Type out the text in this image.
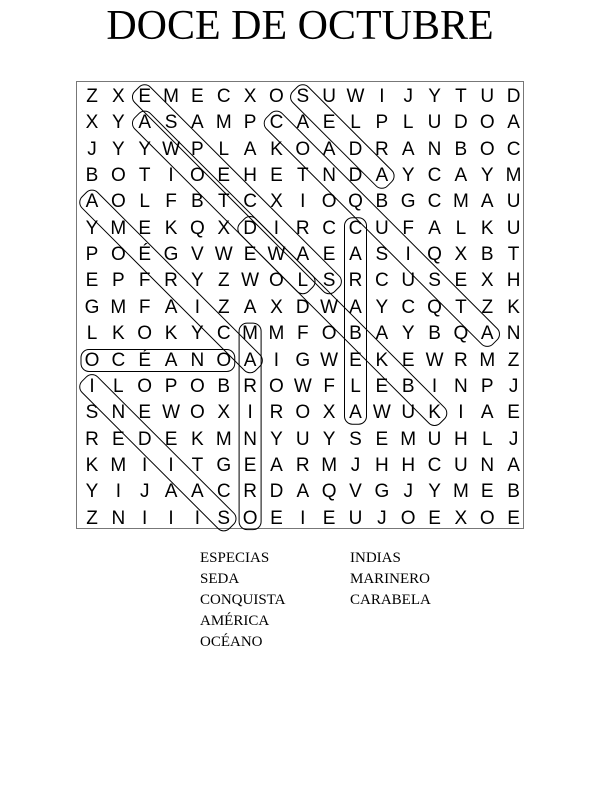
DOCE DE OCTUBRE
Z X E M E C X O S U W I J Y T U D
X Y A S A M P C A E L P L U D O A
J Y Y W P L A K O A D R A N B O C
B O T I O E H E T N D A Y C A Y M
A O L F B T C X I O Q B G C M A U
Y M E K Q X D I R C C U F A L K U
P O É G V W E W A E A S I Q X B T
E P F R Y Z W O L S R C U S E X H
G M F A I Z A X D W A Y C Q T Z K
L K O K Y C M M F O B A Y B Q A N
O C É A N O A I G W E K E W R M Z
I L O P O B R O W F L E B I N P J
S N E W O X I R O X A W U K I A E
R E D E K M N Y U Y S E M U H L J
K M I	I T G E A R M J H H C U N A
Y I J A A C R D A Q V G J Y M E B
Z N I	I	I S O E I E U J O E X O E
ESPECIAS
SEDA
CONQUISTA
AMÉRICA
OCÉANO
INDIAS
MARINERO
CARABELA
